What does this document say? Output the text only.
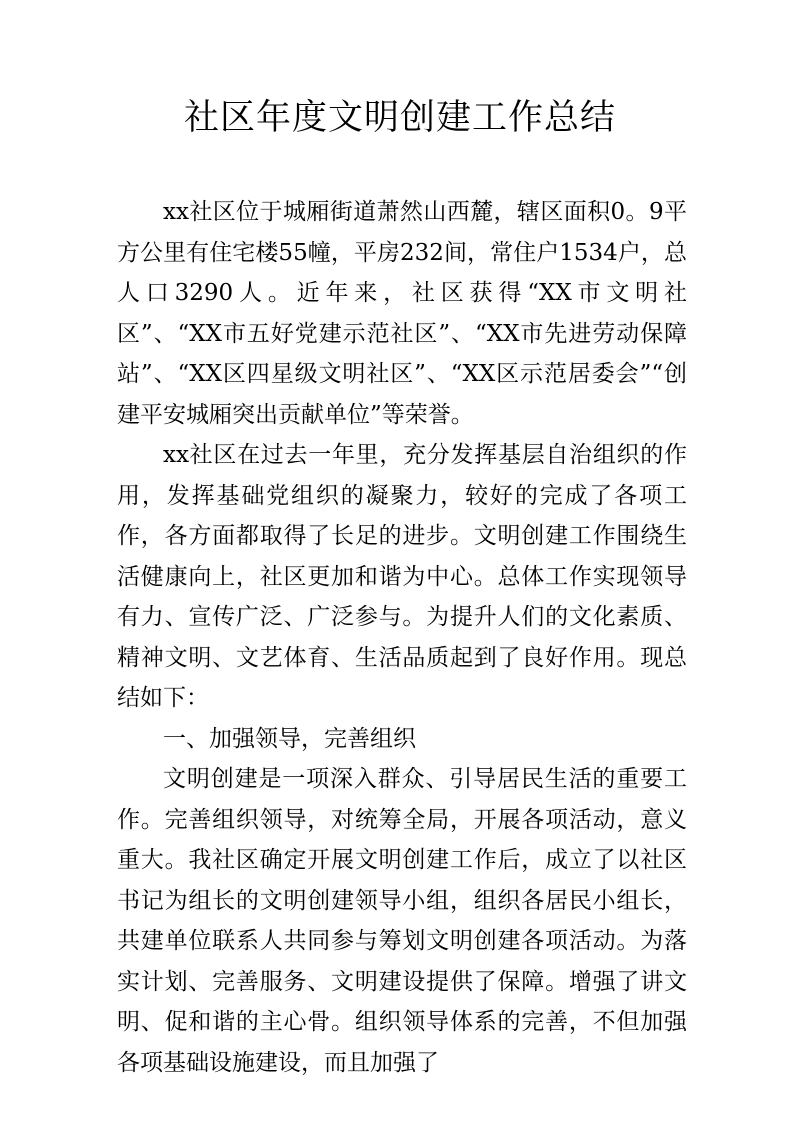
社区年度文明创建工作总结

xx社区位于城厢街道萧然山西麓，辖区面积0。9平方公里有住宅楼55幢，平房232间，常住户1534户，总人口3290人。近年来，社区获得“XX市文明社区”、“XX市五好党建示范社区”、“XX市先进劳动保障站”、“XX区四星级文明社区”、“XX区示范居委会”“创建平安城厢突出贡献单位”等荣誉。

xx社区在过去一年里，充分发挥基层自治组织的作用，发挥基础党组织的凝聚力，较好的完成了各项工作，各方面都取得了长足的进步。文明创建工作围绕生活健康向上，社区更加和谐为中心。总体工作实现领导有力、宣传广泛、广泛参与。为提升人们的文化素质、精神文明、文艺体育、生活品质起到了良好作用。现总结如下：

一、加强领导，完善组织

文明创建是一项深入群众、引导居民生活的重要工作。完善组织领导，对统筹全局，开展各项活动，意义重大。我社区确定开展文明创建工作后，成立了以社区书记为组长的文明创建领导小组，组织各居民小组长，共建单位联系人共同参与筹划文明创建各项活动。为落实计划、完善服务、文明建设提供了保障。增强了讲文明、促和谐的主心骨。组织领导体系的完善，不但加强各项基础设施建设，而且加强了
